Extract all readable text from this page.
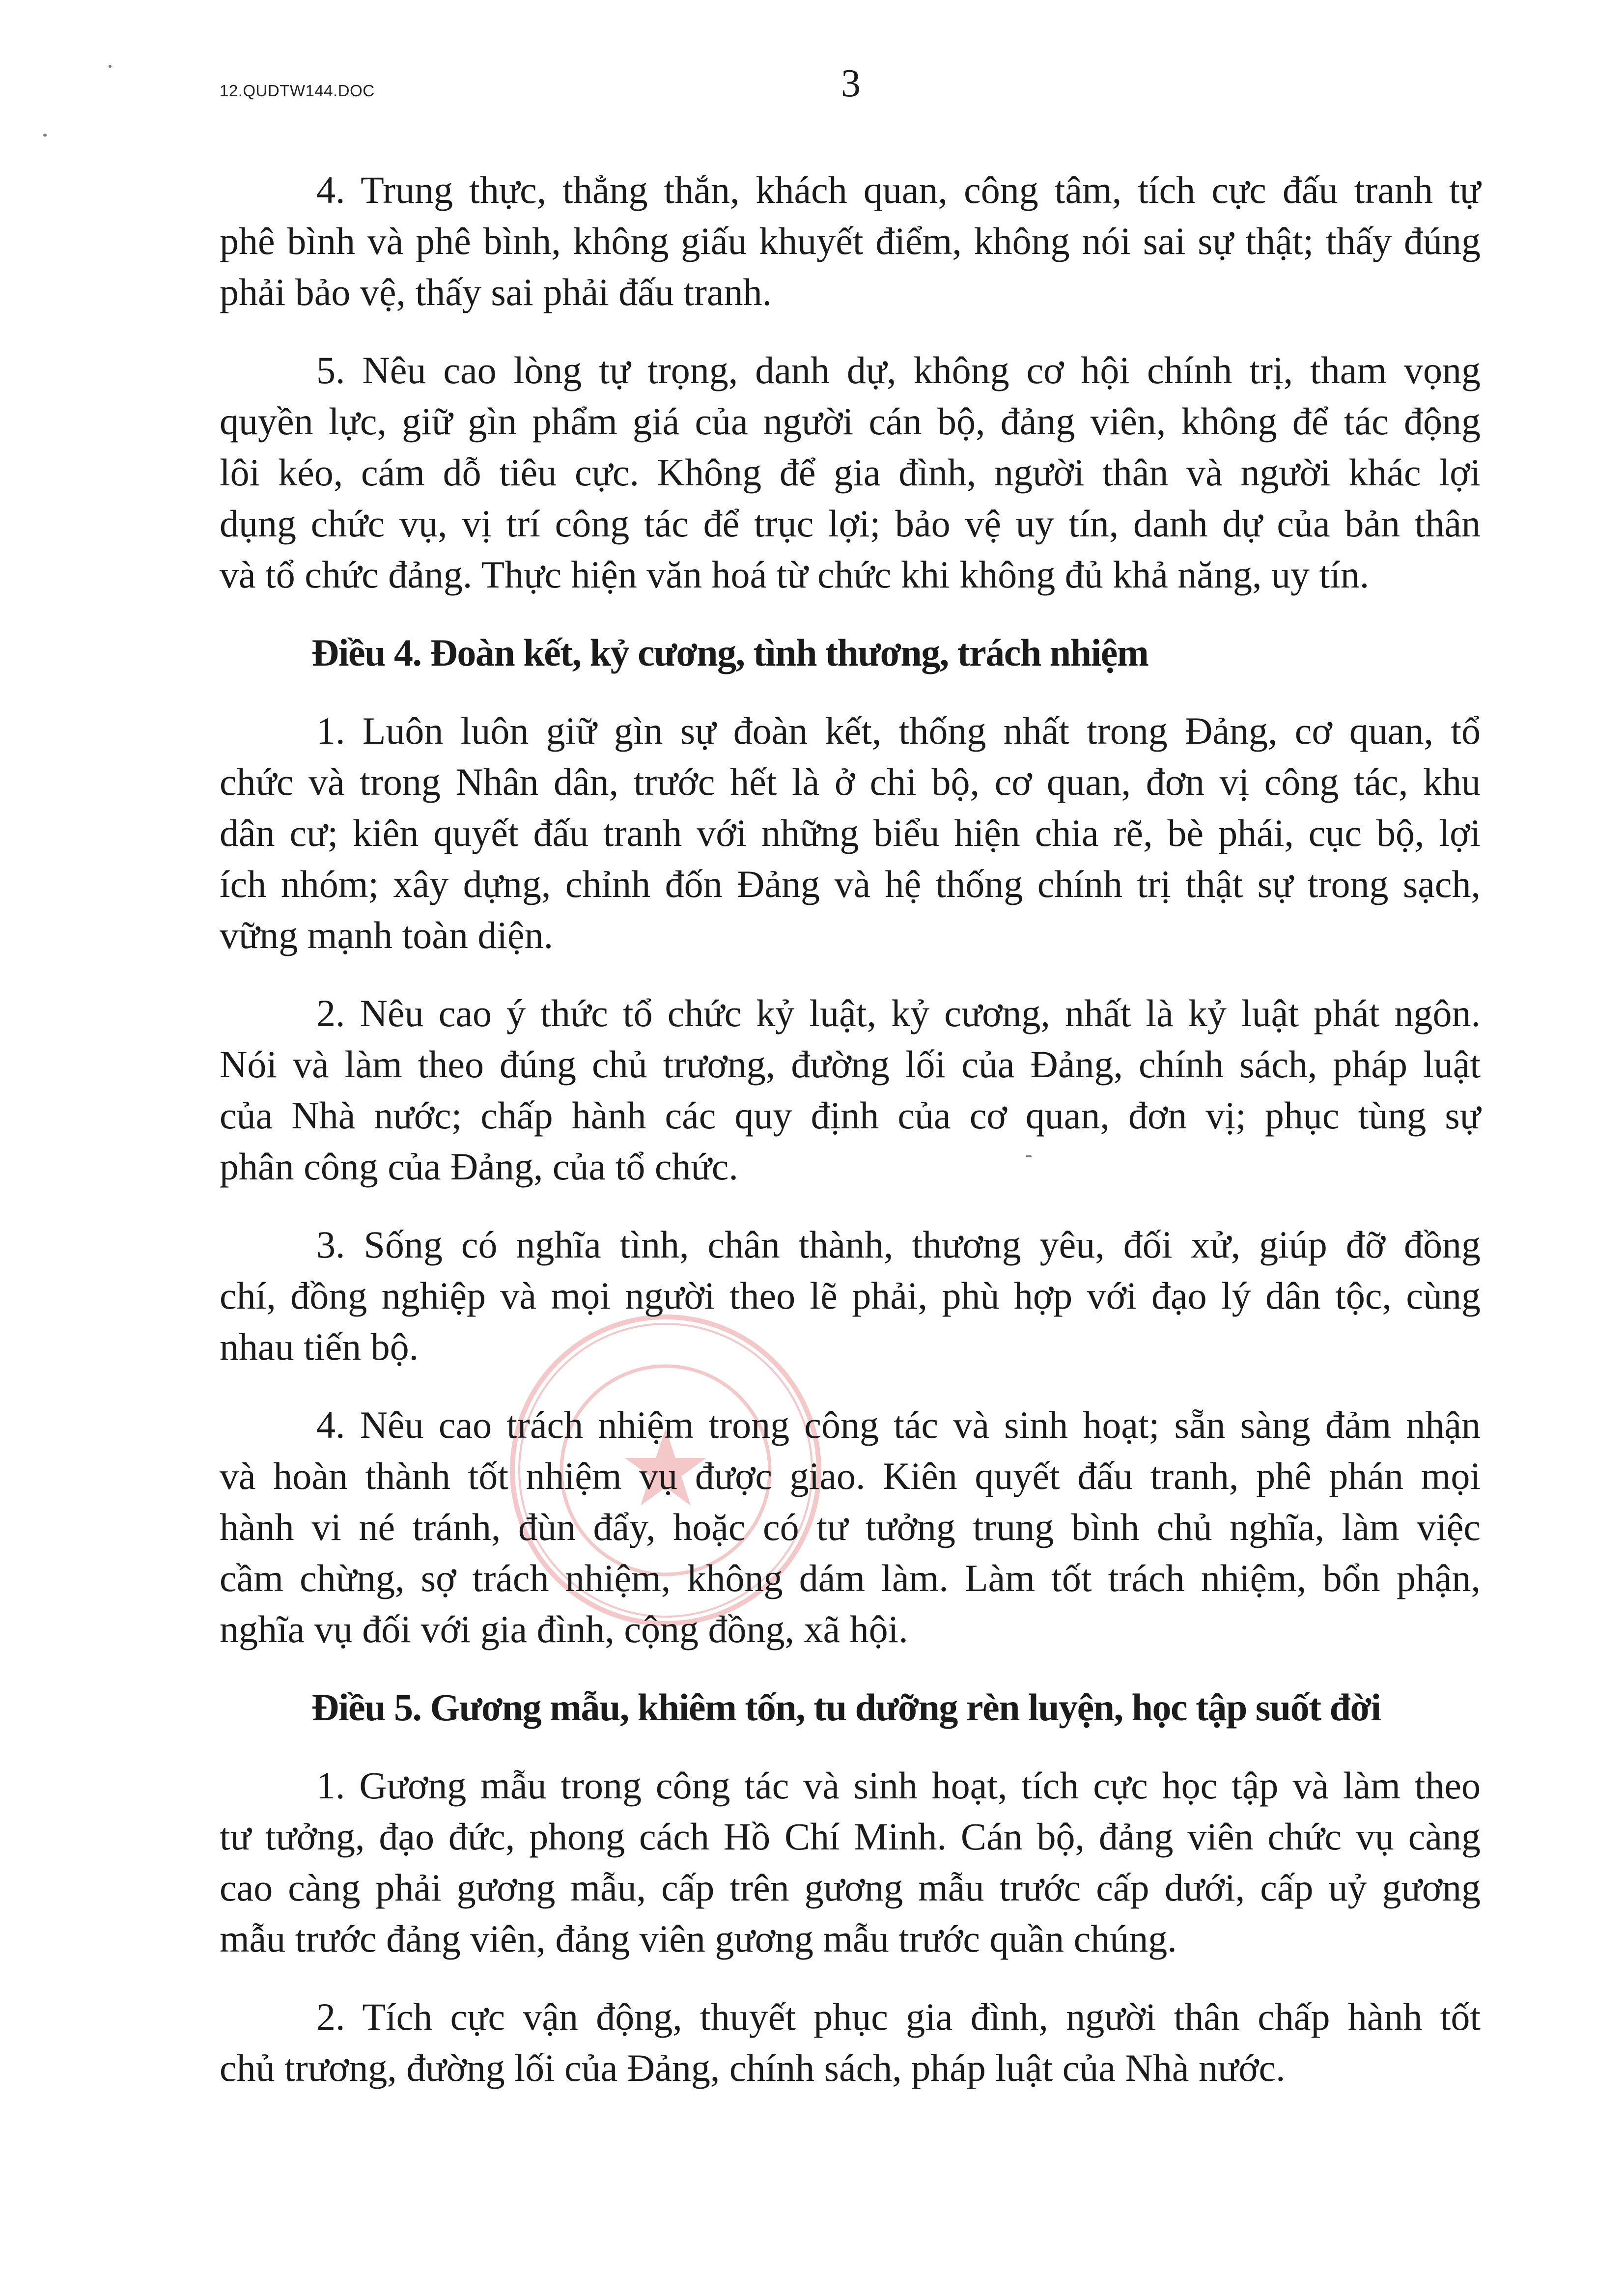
12.QUDTW144.DOC	3
4. Trung thực, thẳng thắn, khách quan, công tâm, tích cực đấu tranh tự
phê bình và phê bình, không giấu khuyết điểm, không nói sai sự thật; thấy đúng
phải bảo vệ, thấy sai phải đấu tranh.
5. Nêu cao lòng tự trọng, danh dự, không cơ hội chính trị, tham vọng
quyền lực, giữ gìn phẩm giá của người cán bộ, đảng viên, không để tác động
lôi kéo, cám dỗ tiêu cực. Không để gia đình, người thân và người khác lợi
dụng chức vụ, vị trí công tác để trục lợi; bảo vệ uy tín, danh dự của bản thân
và tổ chức đảng. Thực hiện văn hoá từ chức khi không đủ khả năng, uy tín.
Điều 4. Đoàn kết, kỷ cương, tình thương, trách nhiệm
1. Luôn luôn giữ gìn sự đoàn kết, thống nhất trong Đảng, cơ quan, tổ
chức và trong Nhân dân, trước hết là ở chi bộ, cơ quan, đơn vị công tác, khu
dân cư; kiên quyết đấu tranh với những biểu hiện chia rẽ, bè phái, cục bộ, lợi
ích nhóm; xây dựng, chỉnh đốn Đảng và hệ thống chính trị thật sự trong sạch,
vững mạnh toàn diện.
2. Nêu cao ý thức tổ chức kỷ luật, kỷ cương, nhất là kỷ luật phát ngôn.
Nói và làm theo đúng chủ trương, đường lối của Đảng, chính sách, pháp luật
của Nhà nước; chấp hành các quy định của cơ quan, đơn vị; phục tùng sự
phân công của Đảng, của tổ chức.
3. Sống có nghĩa tình, chân thành, thương yêu, đối xử, giúp đỡ đồng
chí, đồng nghiệp và mọi người theo lẽ phải, phù hợp với đạo lý dân tộc, cùng
nhau tiến bộ.
4. Nêu cao trách nhiệm trong công tác và sinh hoạt; sẵn sàng đảm nhận
và hoàn thành tốt nhiệm vụ được giao. Kiên quyết đấu tranh, phê phán mọi
hành vi né tránh, đùn đẩy, hoặc có tư tưởng trung bình chủ nghĩa, làm việc
cầm chừng, sợ trách nhiệm, không dám làm. Làm tốt trách nhiệm, bổn phận,
nghĩa vụ đối với gia đình, cộng đồng, xã hội.
Điều 5. Gương mẫu, khiêm tốn, tu dưỡng rèn luyện, học tập suốt đời
1. Gương mẫu trong công tác và sinh hoạt, tích cực học tập và làm theo
tư tưởng, đạo đức, phong cách Hồ Chí Minh. Cán bộ, đảng viên chức vụ càng
cao càng phải gương mẫu, cấp trên gương mẫu trước cấp dưới, cấp uỷ gương
mẫu trước đảng viên, đảng viên gương mẫu trước quần chúng.
2. Tích cực vận động, thuyết phục gia đình, người thân chấp hành tốt
chủ trương, đường lối của Đảng, chính sách, pháp luật của Nhà nước.
